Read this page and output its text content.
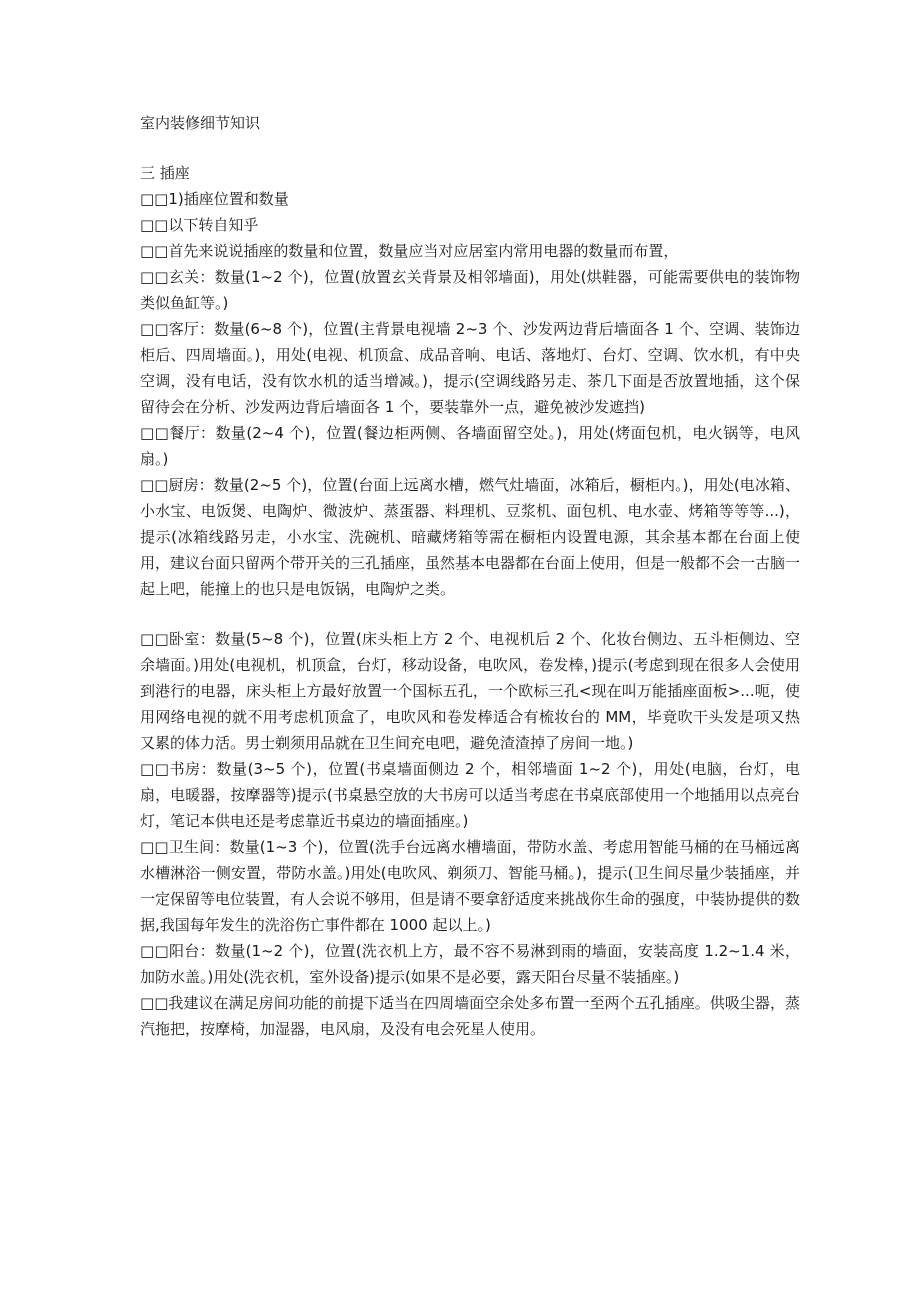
室内装修细节知识

三 插座

□□1)插座位置和数量

□□以下转自知乎

□□首先来说说插座的数量和位置，数量应当对应居室内常用电器的数量而布置，

□□玄关：数量(1~2 个)，位置(放置玄关背景及相邻墙面)，用处(烘鞋器，可能需要供电的装饰物类似鱼缸等。)

□□客厅：数量(6~8 个)，位置(主背景电视墙 2~3 个、沙发两边背后墙面各 1 个、空调、装饰边柜后、四周墙面。)，用处(电视、机顶盒、成品音响、电话、落地灯、台灯、空调、饮水机，有中央空调，没有电话，没有饮水机的适当增减。)，提示(空调线路另走、茶几下面是否放置地插，这个保留待会在分析、沙发两边背后墙面各 1 个，要装靠外一点，避免被沙发遮挡)

□□餐厅：数量(2~4 个)，位置(餐边柜两侧、各墙面留空处。)，用处(烤面包机，电火锅等，电风扇。)

□□厨房：数量(2~5 个)，位置(台面上远离水槽，燃气灶墙面，冰箱后，橱柜内。)，用处(电冰箱、小水宝、电饭煲、电陶炉、微波炉、蒸蛋器、料理机、豆浆机、面包机、电水壶、烤箱等等等...)，提示(冰箱线路另走，小水宝、洗碗机、暗藏烤箱等需在橱柜内设置电源，其余基本都在台面上使用，建议台面只留两个带开关的三孔插座，虽然基本电器都在台面上使用，但是一般都不会一古脑一起上吧，能撞上的也只是电饭锅，电陶炉之类。

□□卧室：数量(5~8 个)，位置(床头柜上方 2 个、电视机后 2 个、化妆台侧边、五斗柜侧边、空余墙面。)用处(电视机，机顶盒，台灯，移动设备，电吹风，卷发棒，)提示(考虑到现在很多人会使用到港行的电器，床头柜上方最好放置一个国标五孔，一个欧标三孔<现在叫万能插座面板>...呃，使用网络电视的就不用考虑机顶盒了，电吹风和卷发棒适合有梳妆台的 MM，毕竟吹干头发是项又热又累的体力活。男士剃须用品就在卫生间充电吧，避免渣渣掉了房间一地。)

□□书房：数量(3~5 个)，位置(书桌墙面侧边 2 个，相邻墙面 1~2 个)，用处(电脑，台灯，电扇，电暖器，按摩器等)提示(书桌悬空放的大书房可以适当考虑在书桌底部使用一个地插用以点亮台灯，笔记本供电还是考虑靠近书桌边的墙面插座。)

□□卫生间：数量(1~3 个)，位置(洗手台远离水槽墙面，带防水盖、考虑用智能马桶的在马桶远离水槽淋浴一侧安置，带防水盖。)用处(电吹风、剃须刀、智能马桶。)，提示(卫生间尽量少装插座，并一定保留等电位装置，有人会说不够用，但是请不要拿舒适度来挑战你生命的强度，中装协提供的数据,我国每年发生的洗浴伤亡事件都在 1000 起以上。)

□□阳台：数量(1~2 个)，位置(洗衣机上方，最不容不易淋到雨的墙面，安装高度 1.2~1.4 米，加防水盖。)用处(洗衣机，室外设备)提示(如果不是必要，露天阳台尽量不装插座。)

□□我建议在满足房间功能的前提下适当在四周墙面空余处多布置一至两个五孔插座。供吸尘器，蒸汽拖把，按摩椅，加湿器，电风扇，及没有电会死星人使用。
